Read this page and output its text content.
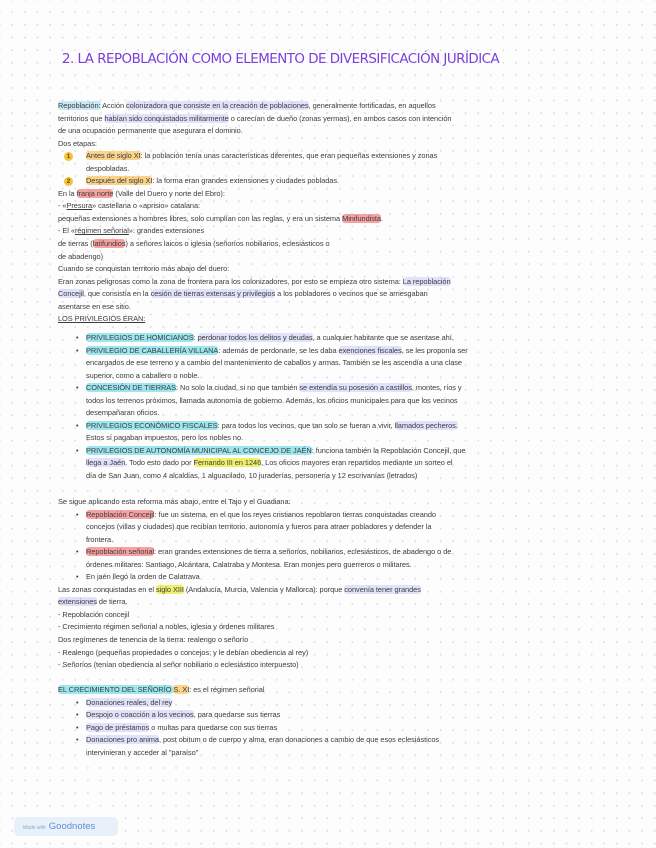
2. LA REPOBLACIÓN COMO ELEMENTO DE DIVERSIFICACIÓN JURÍDICA
Repoblación: Acción colonizadora que consiste en la creación de poblaciones, generalmente fortificadas, en aquellos
territorios que habían sido conquistados militarmente o carecían de dueño (zonas yermas), en ambos casos con intención
de una ocupación permanente que asegurara el dominio.
Dos etapas:
1	Antes de siglo XI: la población tenía unas características diferentes, que eran pequeñas extensiones y zonas
despobladas.
2	Después del siglo XI: la forma eran grandes extensiones y ciudades pobladas.
En la franja norte (Valle del Duero y norte del Ebro):
- «Presura» castellana o «aprisio» catalana:
pequeñas extensiones a hombres libres, solo cumplían con las reglas, y era un sistema Minifundista.
- El «régimen señorial»: grandes extensiones
de tierras (latifundios) a señores laicos o iglesia (señoríos nobiliarios, eclesiásticos o
de abadengo)
Cuando se conquistan territorio más abajo del duero:
Eran zonas peligrosas como la zona de frontera para los colonizadores, por esto se empieza otro sistema: La repoblación
Concejil, que consistía en la cesión de tierras extensas y privilegios a los pobladores o vecinos que se arriesgaban
asentarse en ese sitio.
LOS PRIVILEGIOS ERAN:
• PRIVILEGIOS DE HOMICIANOS: perdonar todos los delitos y deudas, a cualquier habitante que se asentase ahí.
• PRIVILEGIO DE CABALLERÍA VILLANA: además de perdonarle, se les daba exenciones fiscales, se les proponía ser
encargados de ese terreno y a cambio del mantenimiento de caballos y armas. También se les ascendía a una clase
superior, como a caballero o noble.
• CONCESIÓN DE TIERRAS: No solo la ciudad, si no que también se extendía su posesión a castillos, montes, ríos y
todos los terrenos próximos, llamada autonomía de gobierno. Además, los oficios municipales para que los vecinos
desempañaran oficios.
• PRIVILEGIOS ECONÓMICO FISCALES: para todos los vecinos, que tan solo se fueran a vivir, llamados pecheros.
Estos sí pagaban impuestos, pero los nobles no.
• PRIVILEGIOS DE AUTONOMÍA MUNICIPAL AL CONCEJO DE JAÉN: funciona también la Repoblación Concejil, que
llega a Jaén. Todo esto dado por Fernando III en 1246, Los oficios mayores eran repartidos mediante un sorteo el
día de San Juan, como 4 alcaldías, 1 alguacilado, 10 juraderías, personería y 12 escrivanías (letrados)
Se sigue aplicando esta reforma más abajo, entre el Tajo y el Guadiana:
• Repoblación Concejil: fue un sistema, en el que los reyes cristianos repoblaron tierras conquistadas creando
concejos (villas y ciudades) que recibían territorio, autonomía y fueros para atraer pobladores y defender la
frontera.
• Repoblación señorial: eran grandes extensiones de tierra a señoríos, nobiliarios, eclesiásticos, de abadengo o de
órdenes militares: Santiago, Alcántara, Calatraba y Montesa. Eran monjes pero guerreros o militares.
• En jaén llegó la orden de Calatrava
Las zonas conquistadas en el siglo XIII (Andalucía, Murcia, Valencia y Mallorca): porque convenía tener grandes
extensiones de tierra.
- Repoblación concejil
- Crecimiento régimen señorial a nobles, iglesia y órdenes militares
Dos regímenes de tenencia de la tierra: realengo o señorío
- Realengo (pequeñas propiedades o concejos; y le debían obediencia al rey)
- Señoríos (tenían obediencia al señor nobiliario o eclesiástico interpuesto)
EL CRECIMIENTO DEL SEÑORÍO S. XI: es el régimen señorial
• Donaciones reales, del rey
• Despojo o coacción a los vecinos, para quedarse sus tierras
• Pago de préstamos o multas para quedarse con sus tierras
• Donaciones pro anima, post obitum o de cuerpo y alma, eran donaciones a cambio de que esos eclesiásticos
intervinieran y acceder al "paraíso"
Made with Goodnotes
